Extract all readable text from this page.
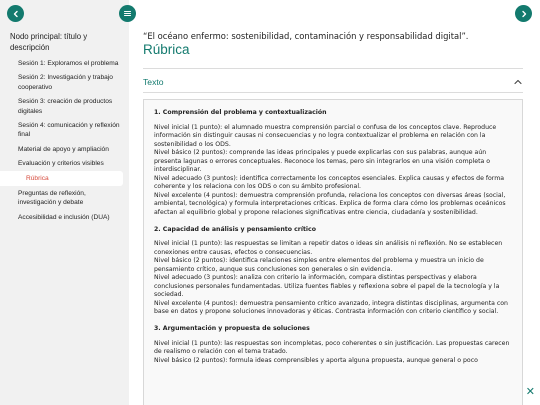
Nodo principal: título y descripción
Sesión 1: Exploramos el problema
Sesión 2: Investigación y trabajo cooperativo
Sesión 3: creación de productos digitales
Sesión 4: comunicación y reflexión final
Material de apoyo y ampliación
Evaluación y criterios visibles
Rúbrica
Preguntas de reflexión, investigación y debate
Accesibilidad e inclusión (DUA)
“El océano enfermo: sostenibilidad, contaminación y responsabilidad digital”.
Rúbrica
Texto
1. Comprensión del problema y contextualización
Nivel inicial (1 punto): el alumnado muestra comprensión parcial o confusa de los conceptos clave. Reproduce información sin distinguir causas ni consecuencias y no logra contextualizar el problema en relación con la sostenibilidad o los ODS.
Nivel básico (2 puntos): comprende las ideas principales y puede explicarlas con sus palabras, aunque aún presenta lagunas o errores conceptuales. Reconoce los temas, pero sin integrarlos en una visión completa o interdisciplinar.
Nivel adecuado (3 puntos): identifica correctamente los conceptos esenciales. Explica causas y efectos de forma coherente y los relaciona con los ODS o con su ámbito profesional.
Nivel excelente (4 puntos): demuestra comprensión profunda, relaciona los conceptos con diversas áreas (social, ambiental, tecnológica) y formula interpretaciones críticas. Explica de forma clara cómo los problemas oceánicos afectan al equilibrio global y propone relaciones significativas entre ciencia, ciudadanía y sostenibilidad.
2. Capacidad de análisis y pensamiento crítico
Nivel inicial (1 punto): las respuestas se limitan a repetir datos o ideas sin análisis ni reflexión. No se establecen conexiones entre causas, efectos o consecuencias.
Nivel básico (2 puntos): identifica relaciones simples entre elementos del problema y muestra un inicio de pensamiento crítico, aunque sus conclusiones son generales o sin evidencia.
Nivel adecuado (3 puntos): analiza con criterio la información, compara distintas perspectivas y elabora conclusiones personales fundamentadas. Utiliza fuentes fiables y reflexiona sobre el papel de la tecnología y la sociedad.
Nivel excelente (4 puntos): demuestra pensamiento crítico avanzado, integra distintas disciplinas, argumenta con base en datos y propone soluciones innovadoras y éticas. Contrasta información con criterio científico y social.
3. Argumentación y propuesta de soluciones
Nivel inicial (1 punto): las respuestas son incompletas, poco coherentes o sin justificación. Las propuestas carecen de realismo o relación con el tema tratado.
Nivel básico (2 puntos): formula ideas comprensibles y aporta alguna propuesta, aunque general o poco
✕
